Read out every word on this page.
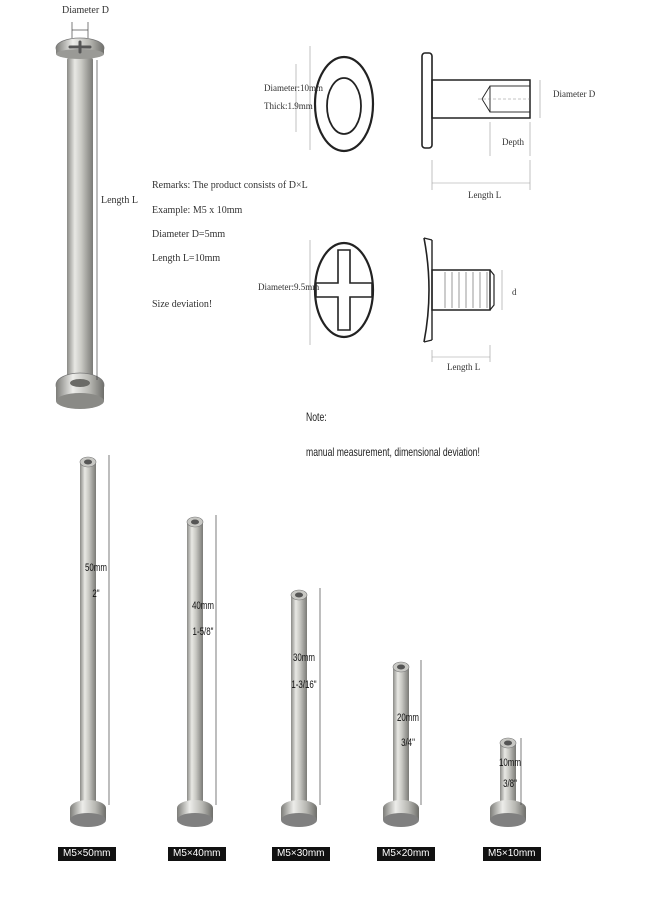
Diameter D
Length L
Remarks: The product consists of D×L
Example: M5 x 10mm
Diameter D=5mm
Length L=10mm
Size deviation!
Diameter:10mm
Thick:1.9mm
Diameter D
Depth
Length L
Diameter:9.5mm	d
Length L
Note:
manual measurement, dimensional deviation!
50mm
2"
40mm
1-5/8"
30mm
1-3/16"
20mm
3/4"
10mm
3/8"
M5×50mm	M5×40mm	M5×30mm	M5×20mm	M5×10mm
